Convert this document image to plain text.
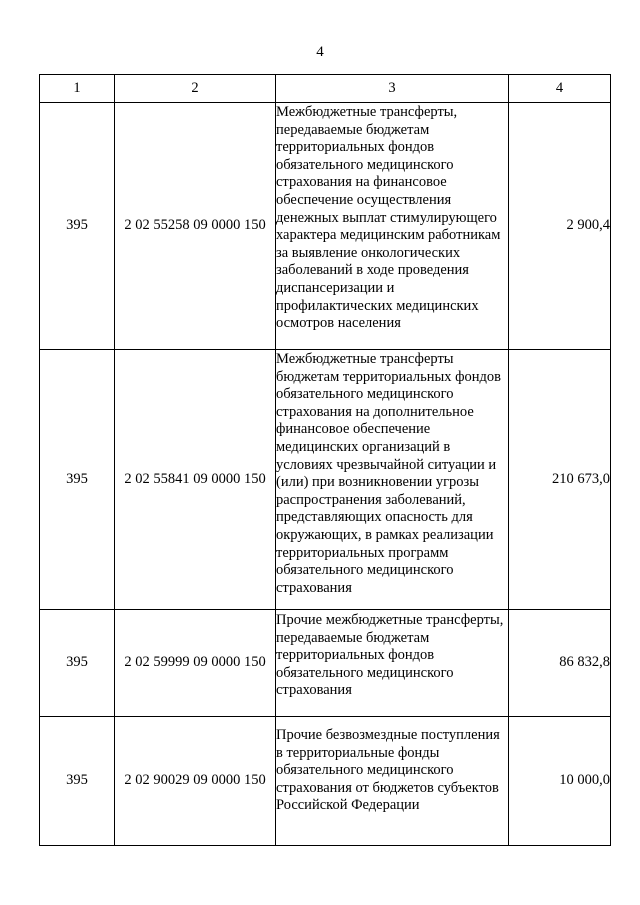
4
1	2	3	4
395	2 02 55258 09 0000 150	Межбюджетные трансферты, передаваемые бюджетам территориальных фондов обязательного медицинского страхования на финансовое обеспечение осуществления денежных выплат стимулирующего характера медицинским работникам за выявление онкологических заболеваний в ходе проведения диспансеризации и профилактических медицинских осмотров населения	2 900,4
395	2 02 55841 09 0000 150	Межбюджетные трансферты бюджетам территориальных фондов обязательного медицинского страхования на дополнительное финансовое обеспечение медицинских организаций в условиях чрезвычайной ситуации и (или) при возникновении угрозы распространения заболеваний, представляющих опасность для окружающих, в рамках реализации территориальных программ обязательного медицинского страхования	210 673,0
395	2 02 59999 09 0000 150	Прочие межбюджетные трансферты, передаваемые бюджетам территориальных фондов обязательного медицинского страхования	86 832,8
395	2 02 90029 09 0000 150	Прочие безвозмездные поступления в территориальные фонды обязательного медицинского страхования от бюджетов субъектов Российской Федерации	10 000,0
